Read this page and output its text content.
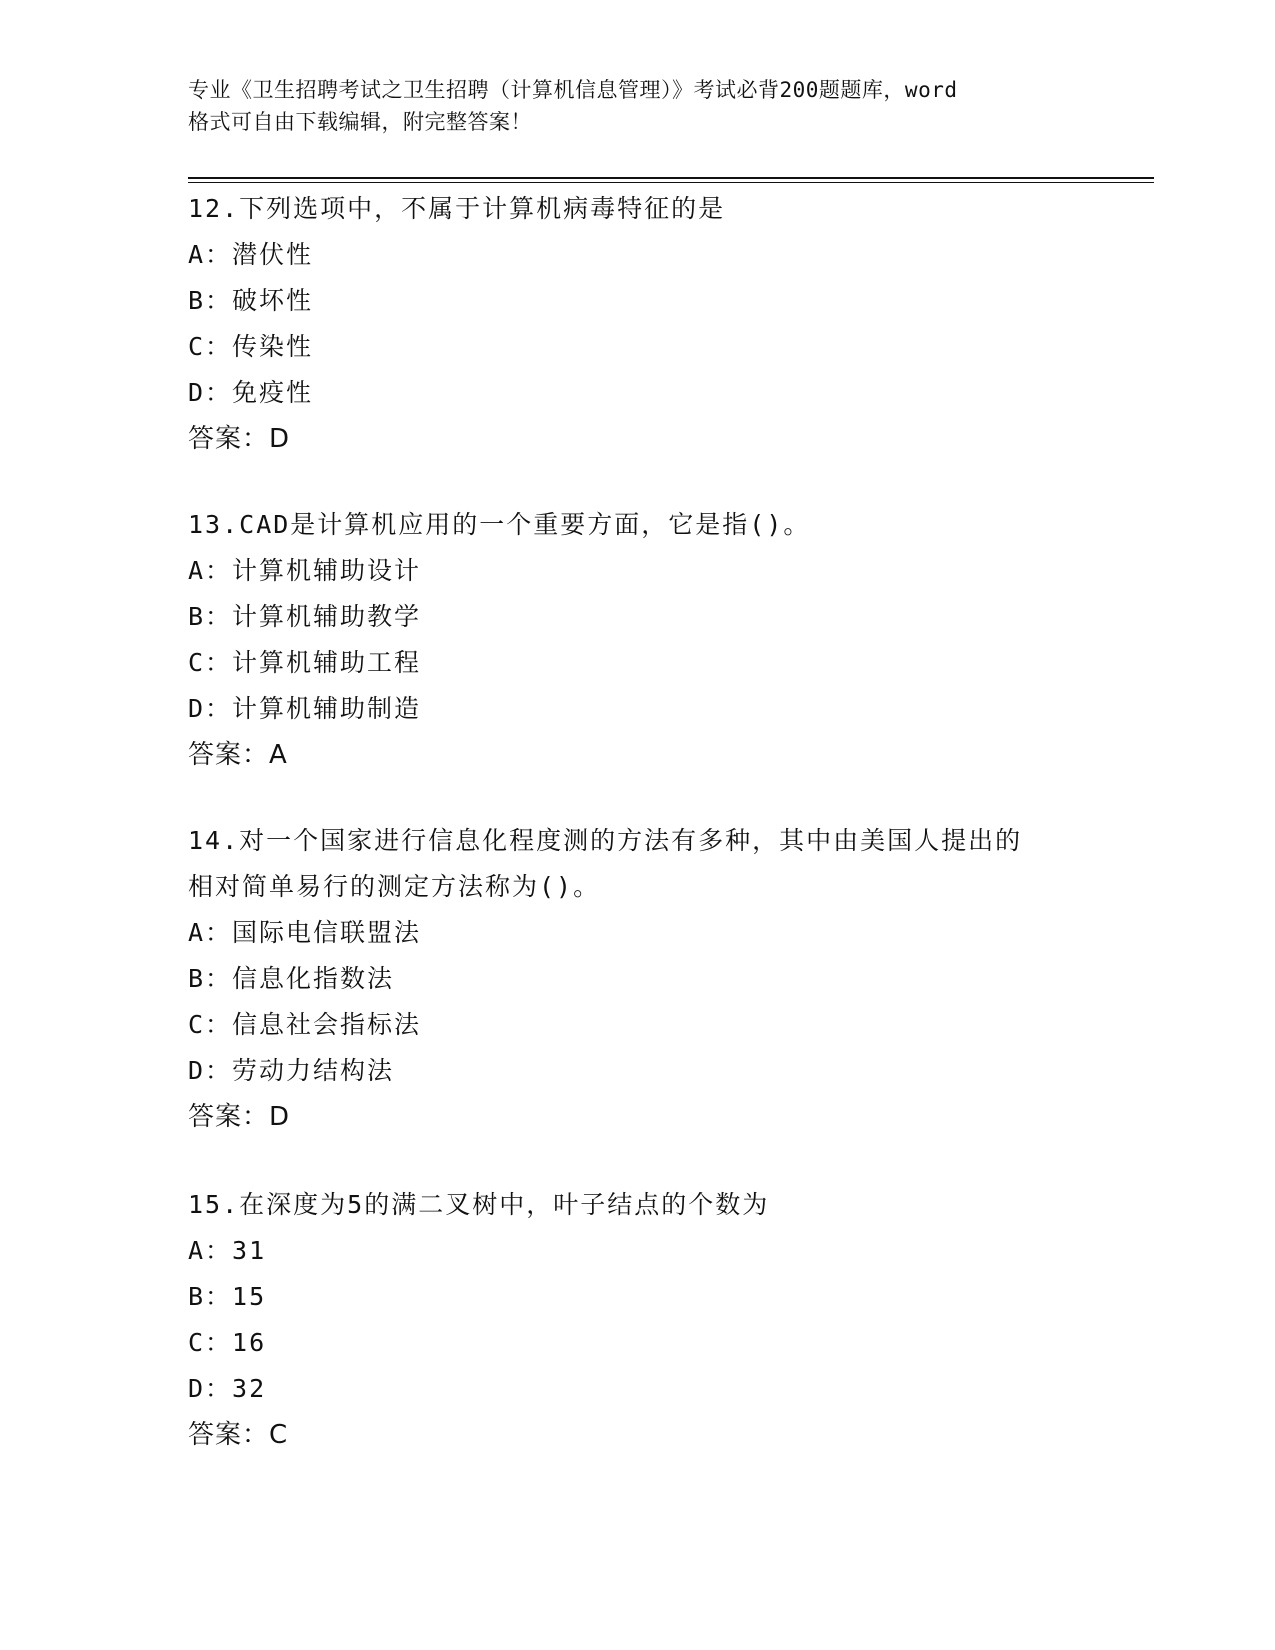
专业《卫生招聘考试之卫生招聘（计算机信息管理）》考试必背200题题库，word
格式可自由下载编辑，附完整答案！
12.下列选项中，不属于计算机病毒特征的是
A：潜伏性
B：破坏性
C：传染性
D：免疫性
答案：D
13.CAD是计算机应用的一个重要方面，它是指()。
A：计算机辅助设计
B：计算机辅助教学
C：计算机辅助工程
D：计算机辅助制造
答案：A
14.对一个国家进行信息化程度测的方法有多种，其中由美国人提出的
相对简单易行的测定方法称为()。
A：国际电信联盟法
B：信息化指数法
C：信息社会指标法
D：劳动力结构法
答案：D
15.在深度为5的满二叉树中，叶子结点的个数为
A：31
B：15
C：16
D：32
答案：C
